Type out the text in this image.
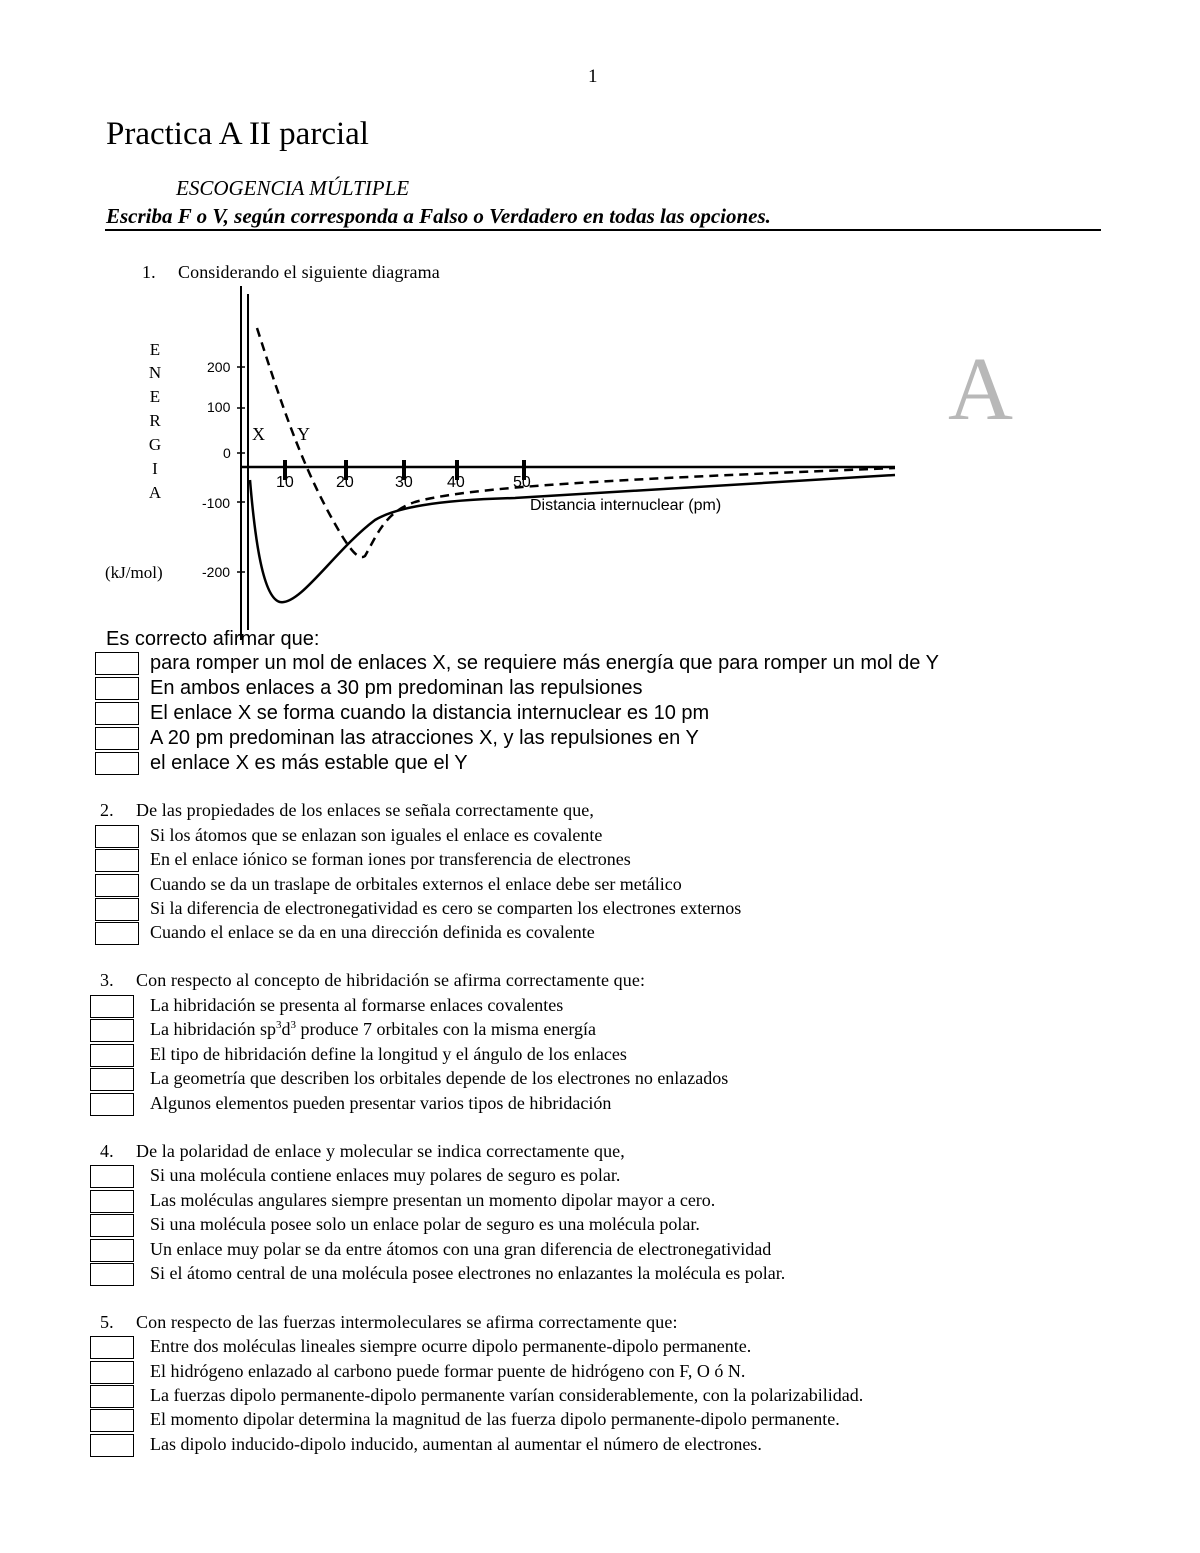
1
Practica A II parcial
ESCOGENCIA MÚLTIPLE
Escriba F o V, según corresponda a Falso o Verdadero en todas las opciones.
A
1. Considerando el siguiente diagrama
E
N
E
R
G
I
A
(kJ/mol)
200
100
0
-100
-200
10	20	30 40	50
Distancia internuclear (pm)
X Y
Es correcto afirmar que:
para romper un mol de enlaces X, se requiere más energía que para romper un mol de Y
En ambos enlaces a 30 pm predominan las repulsiones
El enlace X se forma cuando la distancia internuclear es 10 pm
A 20 pm predominan las atracciones X, y las repulsiones en Y
el enlace X es más estable que el Y
2. De las propiedades de los enlaces se señala correctamente que,
Si los átomos que se enlazan son iguales el enlace es covalente
En el enlace iónico se forman iones por transferencia de electrones
Cuando se da un traslape de orbitales externos el enlace debe ser metálico
Si la diferencia de electronegatividad es cero se comparten los electrones externos
Cuando el enlace se da en una dirección definida es covalente
3. Con respecto al concepto de hibridación se afirma correctamente que:
La hibridación se presenta al formarse enlaces covalentes
La hibridación $sp^3d^3$ produce 7 orbitales con la misma energía
El tipo de hibridación define la longitud y el ángulo de los enlaces
La geometría que describen los orbitales depende de los electrones no enlazados
Algunos elementos pueden presentar varios tipos de hibridación
4. De la polaridad de enlace y molecular se indica correctamente que,
Si una molécula contiene enlaces muy polares de seguro es polar.
Las moléculas angulares siempre presentan un momento dipolar mayor a cero.
Si una molécula posee solo un enlace polar de seguro es una molécula polar.
Un enlace muy polar se da entre átomos con una gran diferencia de electronegatividad
Si el átomo central de una molécula posee electrones no enlazantes la molécula es polar.
5. Con respecto de las fuerzas intermoleculares se afirma correctamente que:
Entre dos moléculas lineales siempre ocurre dipolo permanente-dipolo permanente.
El hidrógeno enlazado al carbono puede formar puente de hidrógeno con F, O ó N.
La fuerzas dipolo permanente-dipolo permanente varían considerablemente, con la polarizabilidad.
El momento dipolar determina la magnitud de las fuerza dipolo permanente-dipolo permanente.
Las dipolo inducido-dipolo inducido, aumentan al aumentar el número de electrones.
